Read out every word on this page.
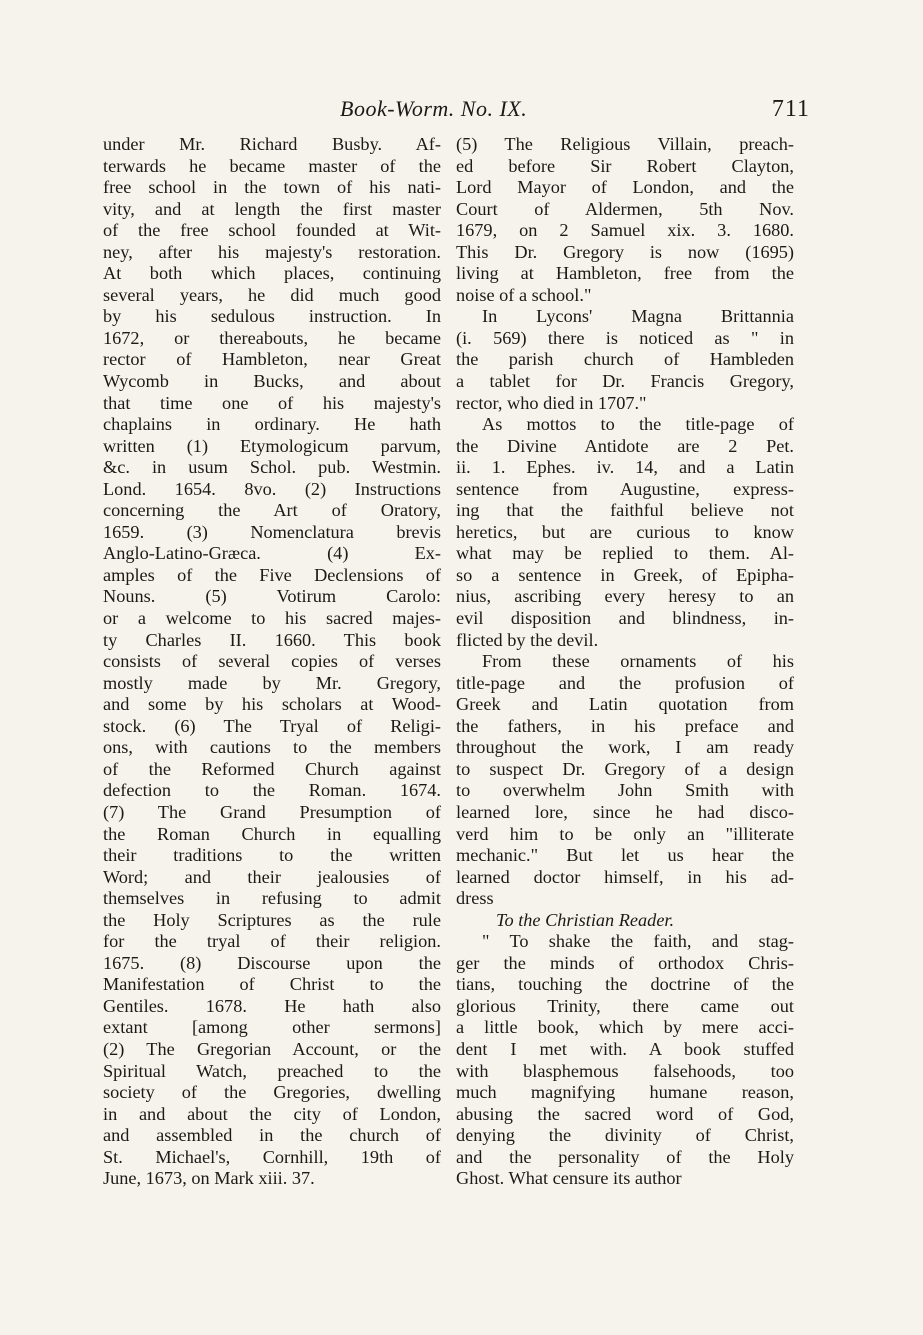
Book-Worm. No. IX.	711
under Mr. Richard Busby. Af-
terwards he became master of the
free school in the town of his nati-
vity, and at length the first master
of the free school founded at Wit-
ney, after his majesty's restoration.
At both which places, continuing
several years, he did much good
by his sedulous instruction. In
1672, or thereabouts, he became
rector of Hambleton, near Great
Wycomb in Bucks, and about
that time one of his majesty's
chaplains in ordinary. He hath
written (1) Etymologicum parvum,
&c. in usum Schol. pub. Westmin.
Lond. 1654. 8vo. (2) Instructions
concerning the Art of Oratory,
1659. (3) Nomenclatura brevis
Anglo-Latino-Græca. (4) Ex-
amples of the Five Declensions of
Nouns. (5) Votirum Carolo:
or a welcome to his sacred majes-
ty Charles II. 1660. This book
consists of several copies of verses
mostly made by Mr. Gregory,
and some by his scholars at Wood-
stock. (6) The Tryal of Religi-
ons, with cautions to the members
of the Reformed Church against
defection to the Roman. 1674.
(7) The Grand Presumption of
the Roman Church in equalling
their traditions to the written
Word; and their jealousies of
themselves in refusing to admit
the Holy Scriptures as the rule
for the tryal of their religion.
1675. (8) Discourse upon the
Manifestation of Christ to the
Gentiles. 1678. He hath also
extant [among other sermons]
(2) The Gregorian Account, or the
Spiritual Watch, preached to the
society of the Gregories, dwelling
in and about the city of London,
and assembled in the church of
St. Michael's, Cornhill, 19th of
June, 1673, on Mark xiii. 37.
(5) The Religious Villain, preach-
ed before Sir Robert Clayton,
Lord Mayor of London, and the
Court of Aldermen, 5th Nov.
1679, on 2 Samuel xix. 3. 1680.
This Dr. Gregory is now (1695)
living at Hambleton, free from the
noise of a school."
In Lycons' Magna Brittannia
(i. 569) there is noticed as " in
the parish church of Hambleden
a tablet for Dr. Francis Gregory,
rector, who died in 1707."
As mottos to the title-page of
the Divine Antidote are 2 Pet.
ii. 1. Ephes. iv. 14, and a Latin
sentence from Augustine, express-
ing that the faithful believe not
heretics, but are curious to know
what may be replied to them. Al-
so a sentence in Greek, of Epipha-
nius, ascribing every heresy to an
evil disposition and blindness, in-
flicted by the devil.
From these ornaments of his
title-page and the profusion of
Greek and Latin quotation from
the fathers, in his preface and
throughout the work, I am ready
to suspect Dr. Gregory of a design
to overwhelm John Smith with
learned lore, since he had disco-
verd him to be only an "illiterate
mechanic." But let us hear the
learned doctor himself, in his ad-
dress
To the Christian Reader.
" To shake the faith, and stag-
ger the minds of orthodox Chris-
tians, touching the doctrine of the
glorious Trinity, there came out
a little book, which by mere acci-
dent I met with. A book stuffed
with blasphemous falsehoods, too
much magnifying humane reason,
abusing the sacred word of God,
denying the divinity of Christ,
and the personality of the Holy
Ghost. What censure its author
